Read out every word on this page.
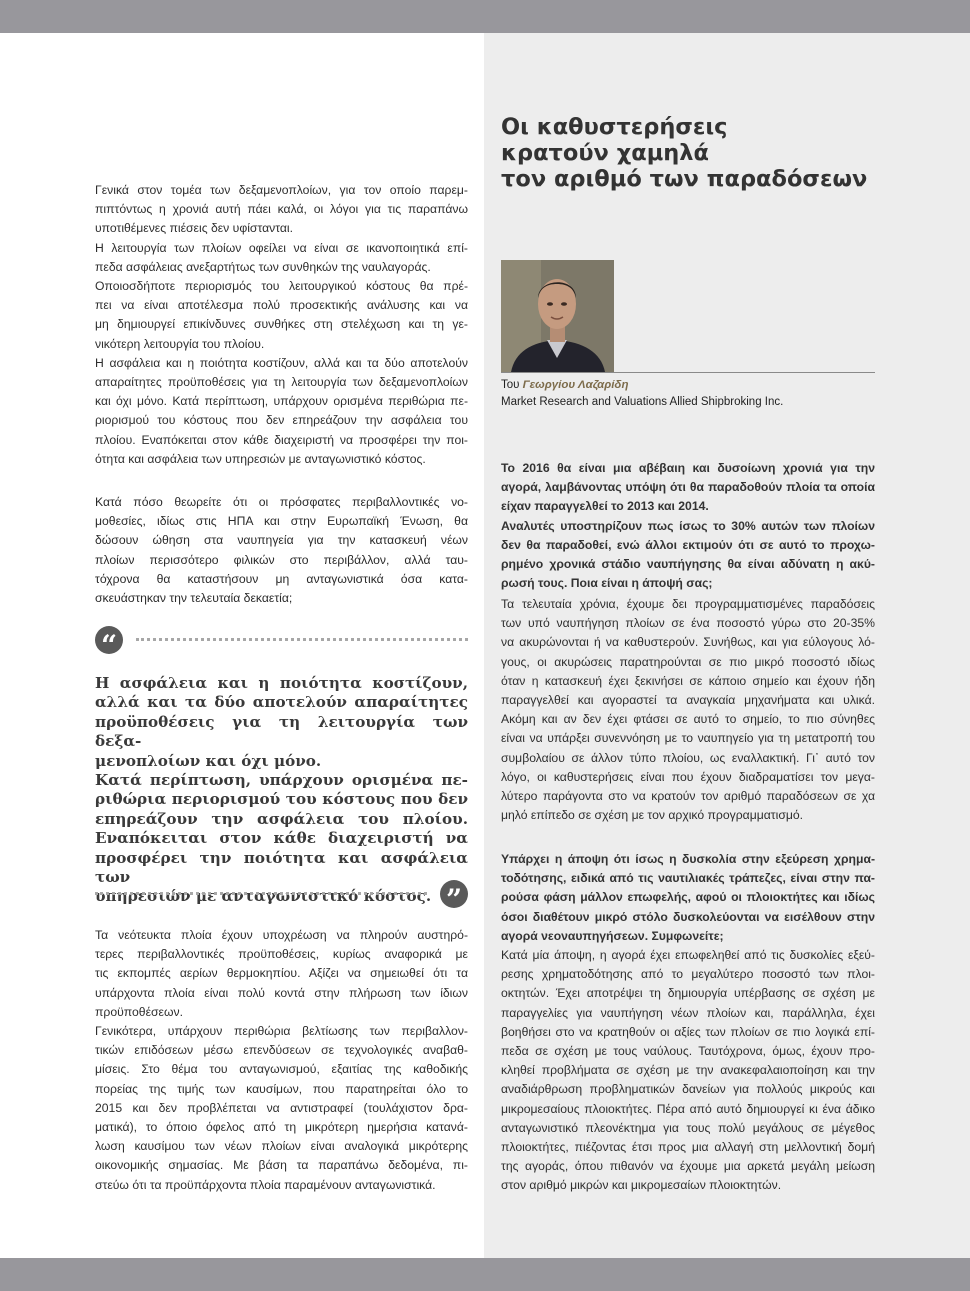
Γενικά στον τομέα των δεξαμενοπλοίων, για τον οποίο παρεμ-
πιπτόντως η χρονιά αυτή πάει καλά, οι λόγοι για τις παραπάνω
υποτιθέμενες πιέσεις δεν υφίστανται.
Η λειτουργία των πλοίων οφείλει να είναι σε ικανοποιητικά επί-
πεδα ασφάλειας ανεξαρτήτως των συνθηκών της ναυλαγοράς.
Οποιοσδήποτε περιορισμός του λειτουργικού κόστους θα πρέ-
πει να είναι αποτέλεσμα πολύ προσεκτικής ανάλυσης και να
μη δημιουργεί επικίνδυνες συνθήκες στη στελέχωση και τη γε-
νικότερη λειτουργία του πλοίου.
Η ασφάλεια και η ποιότητα κοστίζουν, αλλά και τα δύο αποτελούν
απαραίτητες προϋποθέσεις για τη λειτουργία των δεξαμενοπλοίων
και όχι μόνο. Κατά περίπτωση, υπάρχουν ορισμένα περιθώρια πε-
ριορισμού του κόστους που δεν επηρεάζουν την ασφάλεια του
πλοίου. Εναπόκειται στον κάθε διαχειριστή να προσφέρει την ποι-
ότητα και ασφάλεια των υπηρεσιών με ανταγωνιστικό κόστος.
Κατά πόσο θεωρείτε ότι οι πρόσφατες περιβαλλοντικές νο-
μοθεσίες, ιδίως στις ΗΠΑ και στην Ευρωπαϊκή Ένωση, θα
δώσουν ώθηση στα ναυπηγεία για την κατασκευή νέων
πλοίων περισσότερο φιλικών στο περιβάλλον, αλλά ταυ-
τόχρονα θα καταστήσουν μη ανταγωνιστικά όσα κατα-
σκευάστηκαν την τελευταία δεκαετία;
“

Η ασφάλεια και η ποιότητα κοστίζουν,

αλλά και τα δύο αποτελούν απαραίτητες

προϋποθέσεις για τη λειτουργία των δεξα-

μενοπλοίων και όχι μόνο.

Κατά περίπτωση, υπάρχουν ορισμένα πε-

ριθώρια περιορισμού του κόστους που δεν

επηρεάζουν την ασφάλεια του πλοίου.

Εναπόκειται στον κάθε διαχειριστή να

προσφέρει την ποιότητα και ασφάλεια των

υπηρεσιών με ανταγωνιστικό κόστος. ”
Τα νεότευκτα πλοία έχουν υποχρέωση να πληρούν αυστηρό-
τερες περιβαλλοντικές προϋποθέσεις, κυρίως αναφορικά με
τις εκπομπές αερίων θερμοκηπίου. Αξίζει να σημειωθεί ότι τα
υπάρχοντα πλοία είναι πολύ κοντά στην πλήρωση των ίδιων
προϋποθέσεων.
Γενικότερα, υπάρχουν περιθώρια βελτίωσης των περιβαλλον-
τικών επιδόσεων μέσω επενδύσεων σε τεχνολογικές αναβαθ-
μίσεις. Στο θέμα του ανταγωνισμού, εξαιτίας της καθοδικής
πορείας της τιμής των καυσίμων, που παρατηρείται όλο το
2015 και δεν προβλέπεται να αντιστραφεί (τουλάχιστον δρα-
ματικά), το όποιο όφελος από τη μικρότερη ημερήσια κατανά-
λωση καυσίμου των νέων πλοίων είναι αναλογικά μικρότερης
οικονομικής σημασίας. Με βάση τα παραπάνω δεδομένα, πι-
στεύω ότι τα προϋπάρχοντα πλοία παραμένουν ανταγωνιστικά.
Οι καθυστερήσεις
κρατούν χαμηλά
τον αριθμό των παραδόσεων
Του Γεωργίου Λαζαρίδη
Market Research and Valuations Allied Shipbroking Inc.
Το 2016 θα είναι μια αβέβαιη και δυσοίωνη χρονιά για την
αγορά, λαμβάνοντας υπόψη ότι θα παραδοθούν πλοία τα οποία
είχαν παραγγελθεί το 2013 και 2014.
Αναλυτές υποστηρίζουν πως ίσως το 30% αυτών των πλοίων
δεν θα παραδοθεί, ενώ άλλοι εκτιμούν ότι σε αυτό το προχω-
ρημένο χρονικά στάδιο ναυπήγησης θα είναι αδύνατη η ακύ-
ρωσή τους. Ποια είναι η άποψή σας;
Τα τελευταία χρόνια, έχουμε δει προγραμματισμένες παραδόσεις
των υπό ναυπήγηση πλοίων σε ένα ποσοστό γύρω στο 20-35%
να ακυρώνονται ή να καθυστερούν. Συνήθως, και για εύλογους λό-
γους, οι ακυρώσεις παρατηρούνται σε πιο μικρό ποσοστό ιδίως
όταν η κατασκευή έχει ξεκινήσει σε κάποιο σημείο και έχουν ήδη
παραγγελθεί και αγοραστεί τα αναγκαία μηχανήματα και υλικά.
Ακόμη και αν δεν έχει φτάσει σε αυτό το σημείο, το πιο σύνηθες
είναι να υπάρξει συνεννόηση με το ναυπηγείο για τη μετατροπή του
συμβολαίου σε άλλον τύπο πλοίου, ως εναλλακτική. Γι᾽ αυτό τον
λόγο, οι καθυστερήσεις είναι που έχουν διαδραματίσει τον μεγα-
λύτερο παράγοντα στο να κρατούν τον αριθμό παραδόσεων σε χα
μηλό επίπεδο σε σχέση με τον αρχικό προγραμματισμό.
Υπάρχει η άποψη ότι ίσως η δυσκολία στην εξεύρεση χρημα-
τοδότησης, ειδικά από τις ναυτιλιακές τράπεζες, είναι στην πα-
ρούσα φάση μάλλον επωφελής, αφού οι πλοιοκτήτες και ιδίως
όσοι διαθέτουν μικρό στόλο δυσκολεύονται να εισέλθουν στην
αγορά νεοναυπηγήσεων. Συμφωνείτε;
Κατά μία άποψη, η αγορά έχει επωφεληθεί από τις δυσκολίες εξεύ-
ρεσης χρηματοδότησης από το μεγαλύτερο ποσοστό των πλοι-
οκτητών. Έχει αποτρέψει τη δημιουργία υπέρβασης σε σχέση με
παραγγελίες για ναυπήγηση νέων πλοίων και, παράλληλα, έχει
βοηθήσει στο να κρατηθούν οι αξίες των πλοίων σε πιο λογικά επί-
πεδα σε σχέση με τους ναύλους. Ταυτόχρονα, όμως, έχουν προ-
κληθεί προβλήματα σε σχέση με την ανακεφαλαιοποίηση και την
αναδιάρθρωση προβληματικών δανείων για πολλούς μικρούς και
μικρομεσαίους πλοιοκτήτες. Πέρα από αυτό δημιουργεί κι ένα άδικο
ανταγωνιστικό πλεονέκτημα για τους πολύ μεγάλους σε μέγεθος
πλοιοκτήτες, πιέζοντας έτσι προς μια αλλαγή στη μελλοντική δομή
της αγοράς, όπου πιθανόν να έχουμε μια αρκετά μεγάλη μείωση
στον αριθμό μικρών και μικρομεσαίων πλοιοκτητών.
